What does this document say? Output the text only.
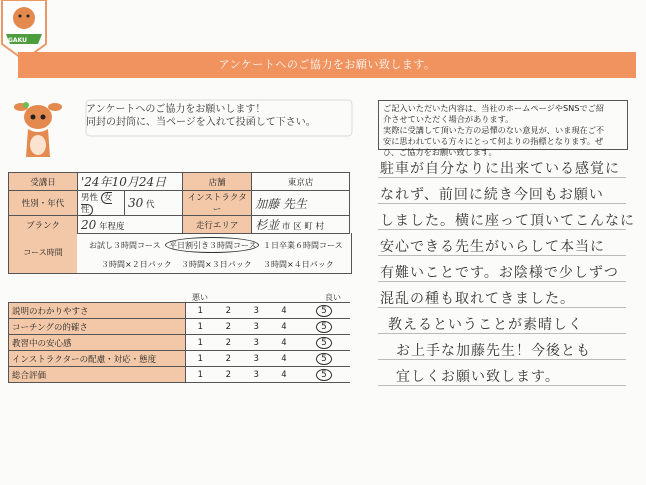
GAKU
アンケートへのご協力をお願い致します。
アンケートへのご協力をお願いします！
同封の封筒に、当ページを入れて投函して下さい。
受講日	'24年10月24日		店舗	東京店
性別・年代	男性 女性	30 代	インストラクター	加藤 先生
ブランク	20 年程度		走行エリア	杉並 市 区 町 村
コース時間
お試し３時間コース 平日割引き３時間コース １日卒業６時間コース
３時間×２日パック ３時間×３日パック ３時間×４日パック
悪い	良い
説明のわかりやすさ	1	2	3	4	5
コーチングの的確さ	1	2	3	4	5
教習中の安心感	1	2	3	4	5
インストラクターの配慮・対応・態度	1	2	3	4	5
総合評価	1	2	3	4	5
ご記入いただいた内容は、当社のホームページやSNSでご紹
介させていただく場合があります。
実際に受講して頂いた方の忌憚のない意見が、いま現在ご不
安に思われている方々にとって何よりの指標となります。ぜ
ひ、ご協力をお願い致します。
駐車が自分なりに出来ている感覚に
なれず、前回に続き今回もお願い
しました。横に座って頂いてこんなに
安心できる先生がいらして本当に
有難いことです。お陰様で少しずつ
混乱の種も取れてきました。
教えるということが素晴しく
お上手な加藤先生！今後とも
宜しくお願い致します。
